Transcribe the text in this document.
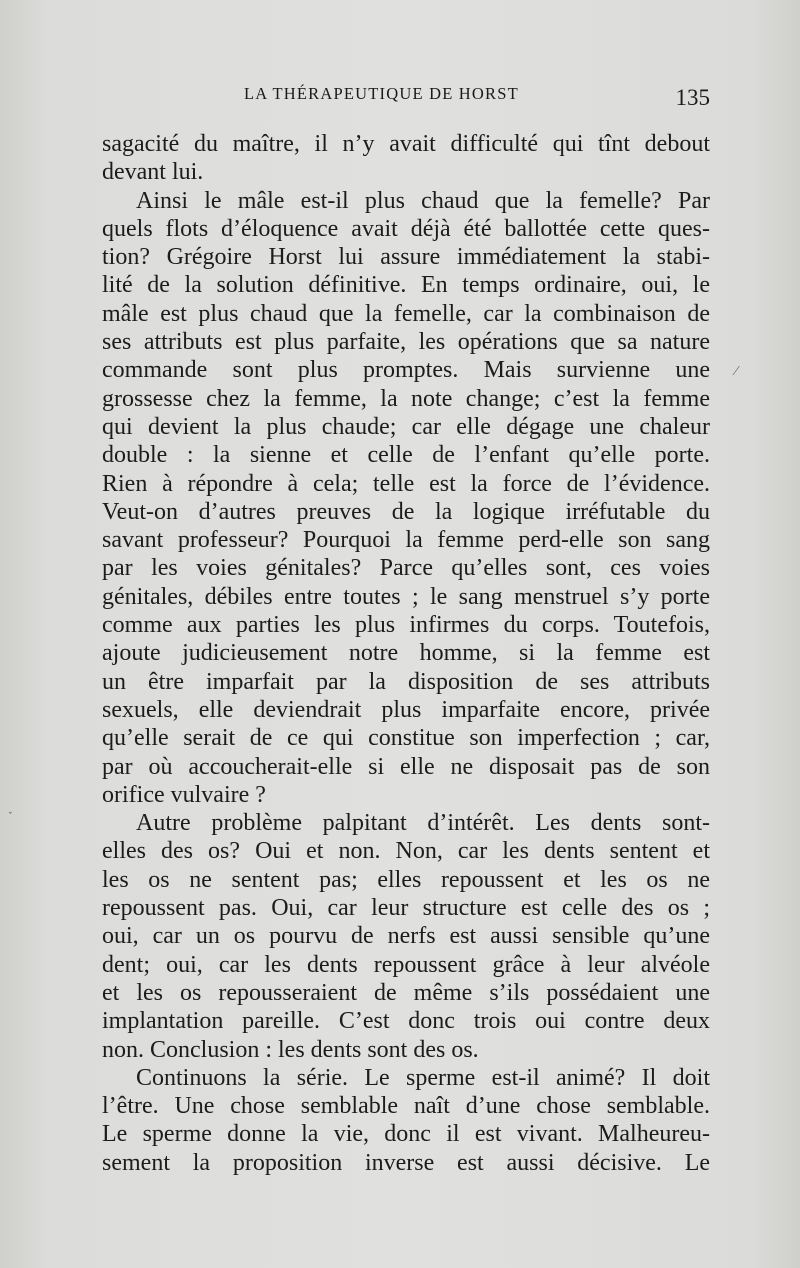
LA THÉRAPEUTIQUE DE HORST	135
sagacité du maître, il n’y avait difficulté qui tînt debout
devant lui.
Ainsi le mâle est-il plus chaud que la femelle? Par
quels flots d’éloquence avait déjà été ballottée cette ques-
tion? Grégoire Horst lui assure immédiatement la stabi-
lité de la solution définitive. En temps ordinaire, oui, le
mâle est plus chaud que la femelle, car la combinaison de
ses attributs est plus parfaite, les opérations que sa nature
commande sont plus promptes. Mais survienne une
grossesse chez la femme, la note change; c’est la femme
qui devient la plus chaude; car elle dégage une chaleur
double : la sienne et celle de l’enfant qu’elle porte.
Rien à répondre à cela; telle est la force de l’évidence.
Veut-on d’autres preuves de la logique irréfutable du
savant professeur? Pourquoi la femme perd-elle son sang
par les voies génitales? Parce qu’elles sont, ces voies
génitales, débiles entre toutes ; le sang menstruel s’y porte
comme aux parties les plus infirmes du corps. Toutefois,
ajoute judicieusement notre homme, si la femme est
un être imparfait par la disposition de ses attributs
sexuels, elle deviendrait plus imparfaite encore, privée
qu’elle serait de ce qui constitue son imperfection ; car,
par où accoucherait-elle si elle ne disposait pas de son
orifice vulvaire ?
Autre problème palpitant d’intérêt. Les dents sont-
elles des os? Oui et non. Non, car les dents sentent et
les os ne sentent pas; elles repoussent et les os ne
repoussent pas. Oui, car leur structure est celle des os ;
oui, car un os pourvu de nerfs est aussi sensible qu’une
dent; oui, car les dents repoussent grâce à leur alvéole
et les os repousseraient de même s’ils possédaient une
implantation pareille. C’est donc trois oui contre deux
non. Conclusion : les dents sont des os.
Continuons la série. Le sperme est-il animé? Il doit
l’être. Une chose semblable naît d’une chose semblable.
Le sperme donne la vie, donc il est vivant. Malheureu-
sement la proposition inverse est aussi décisive. Le
˯
⁄
